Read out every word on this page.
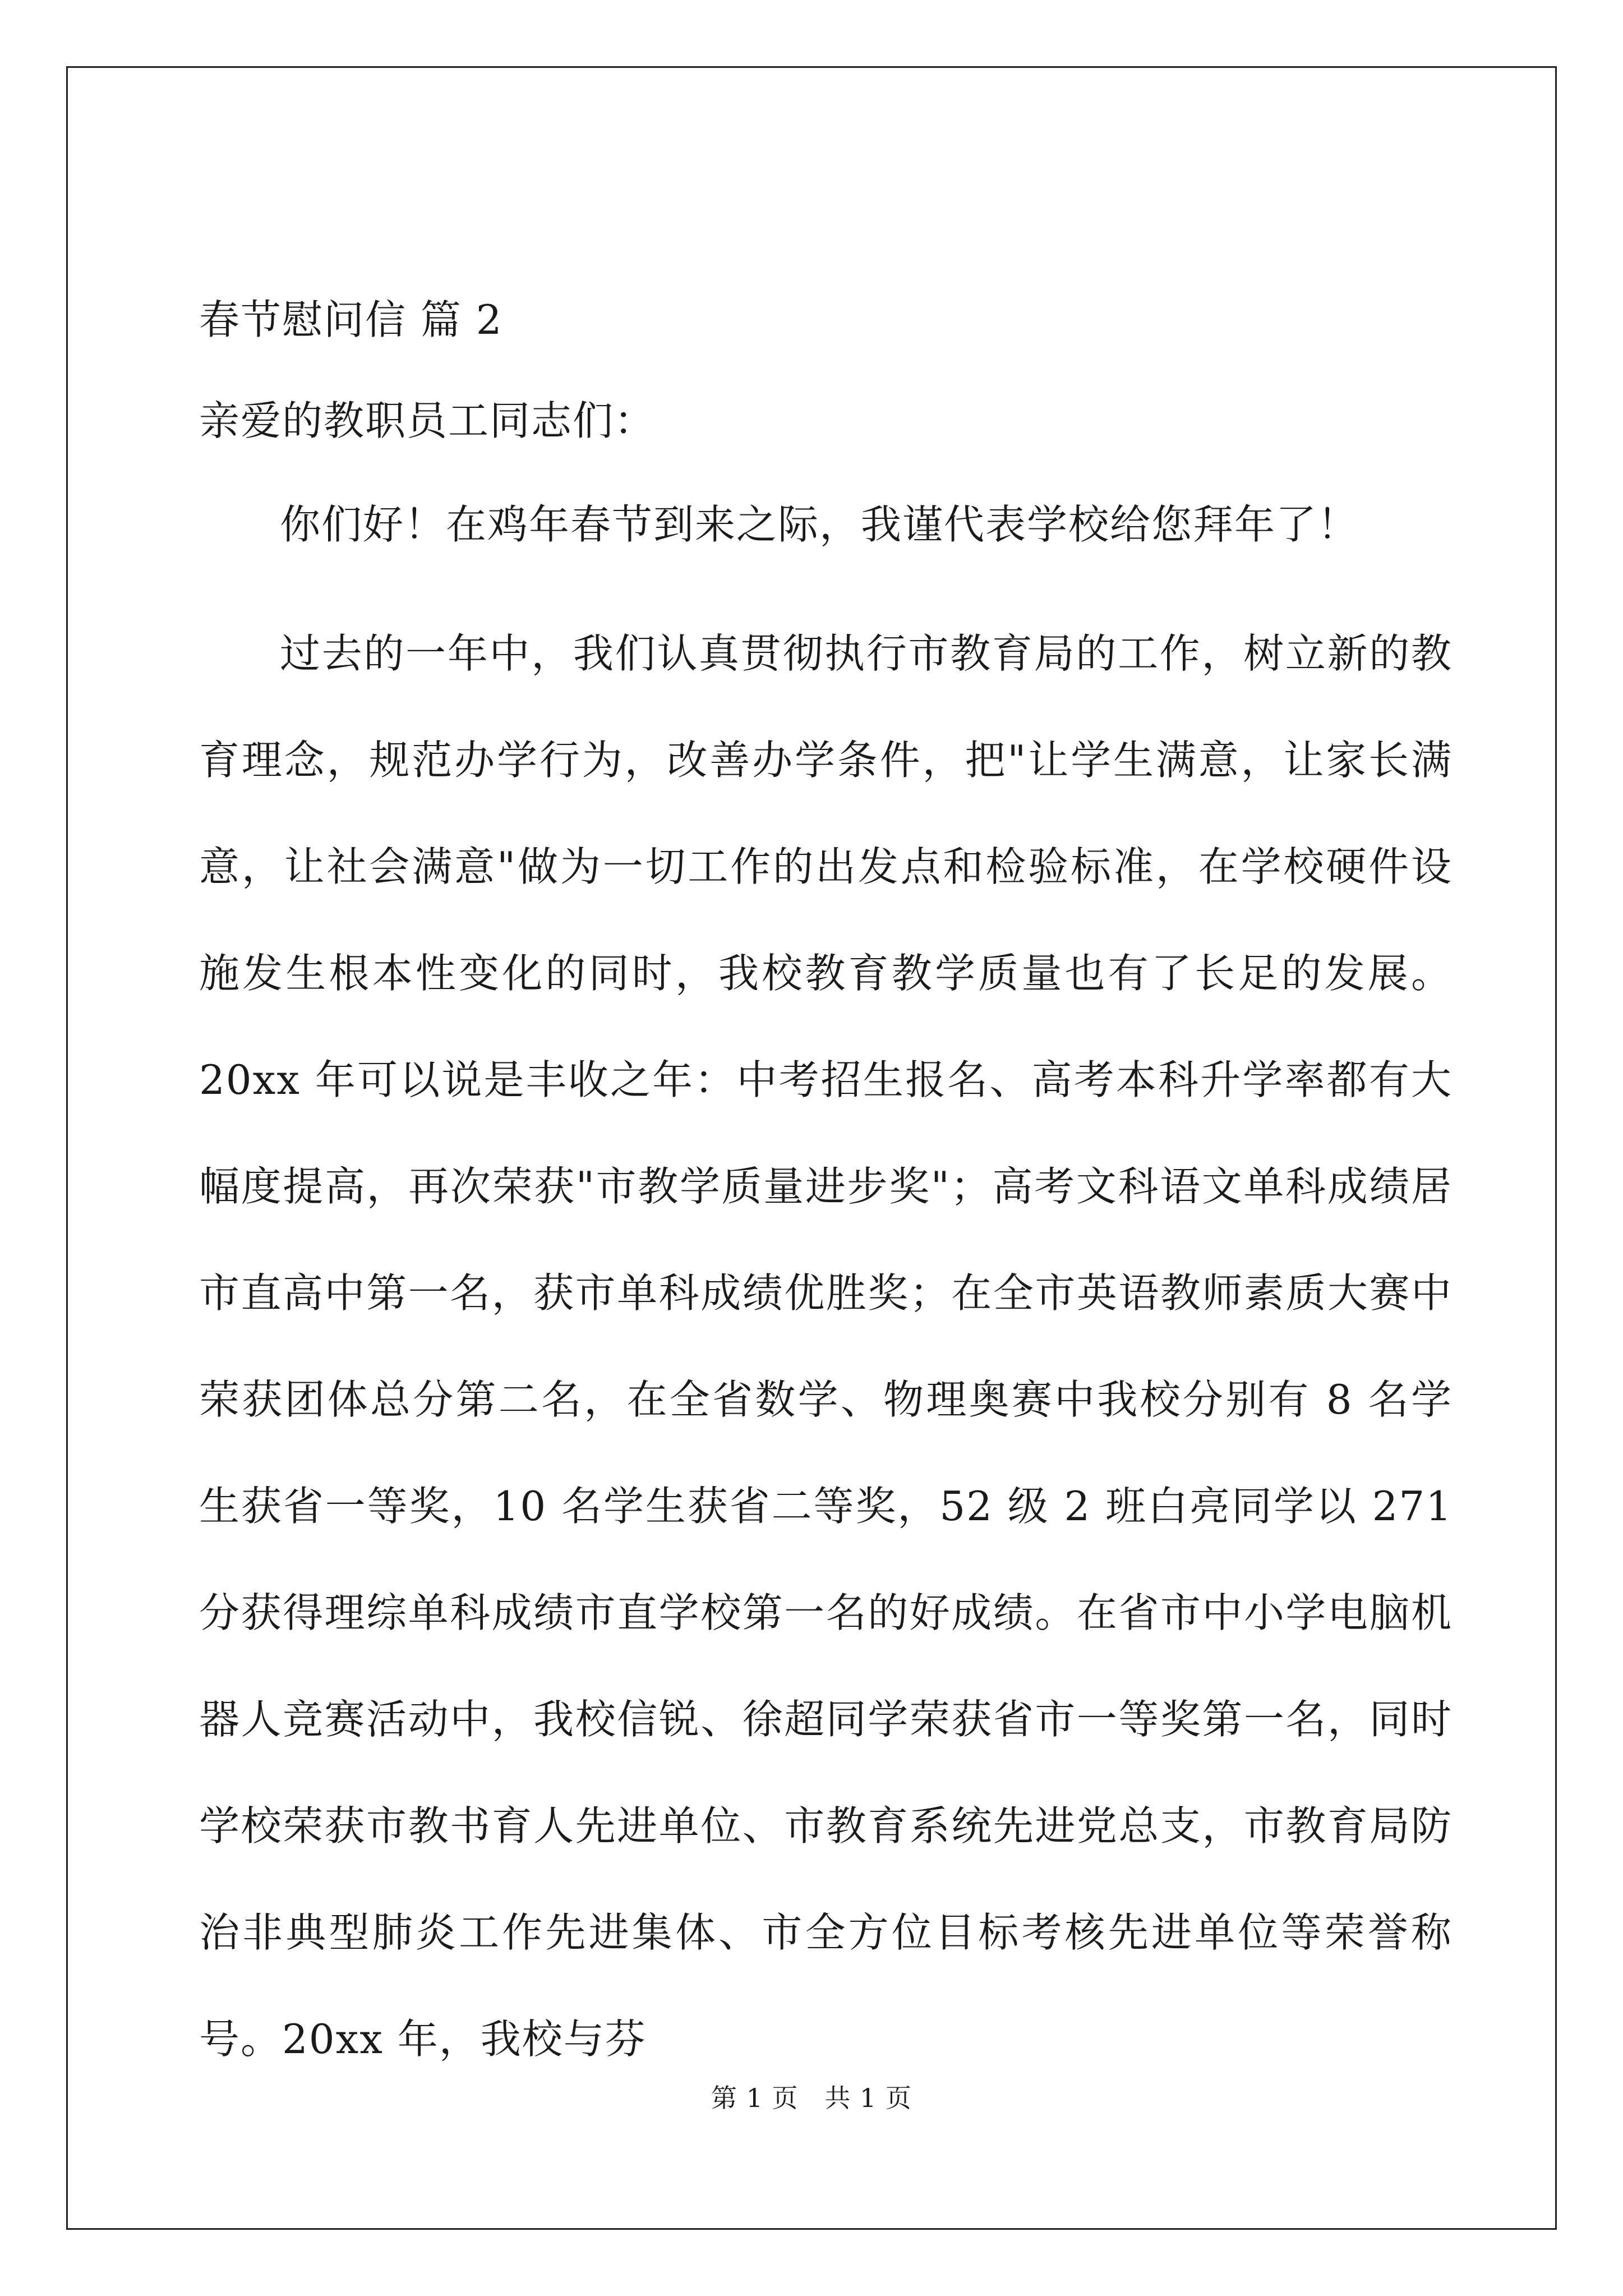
春节慰问信 篇 2

亲爱的教职员工同志们：

你们好！在鸡年春节到来之际，我谨代表学校给您拜年了！

过去的一年中，我们认真贯彻执行市教育局的工作，树立新的教育理念，规范办学行为，改善办学条件，把"让学生满意，让家长满意，让社会满意"做为一切工作的出发点和检验标准，在学校硬件设施发生根本性变化的同时，我校教育教学质量也有了长足的发展。20xx 年可以说是丰收之年：中考招生报名、高考本科升学率都有大幅度提高，再次荣获"市教学质量进步奖"；高考文科语文单科成绩居市直高中第一名，获市单科成绩优胜奖；在全市英语教师素质大赛中荣获团体总分第二名，在全省数学、物理奥赛中我校分别有 8 名学生获省一等奖，10 名学生获省二等奖，52 级 2 班白亮同学以 271 分获得理综单科成绩市直学校第一名的好成绩。在省市中小学电脑机器人竞赛活动中，我校信锐、徐超同学荣获省市一等奖第一名，同时学校荣获市教书育人先进单位、市教育系统先进党总支，市教育局防治非典型肺炎工作先进集体、市全方位目标考核先进单位等荣誉称号。20xx 年，我校与芬

第 1 页   共 1 页
